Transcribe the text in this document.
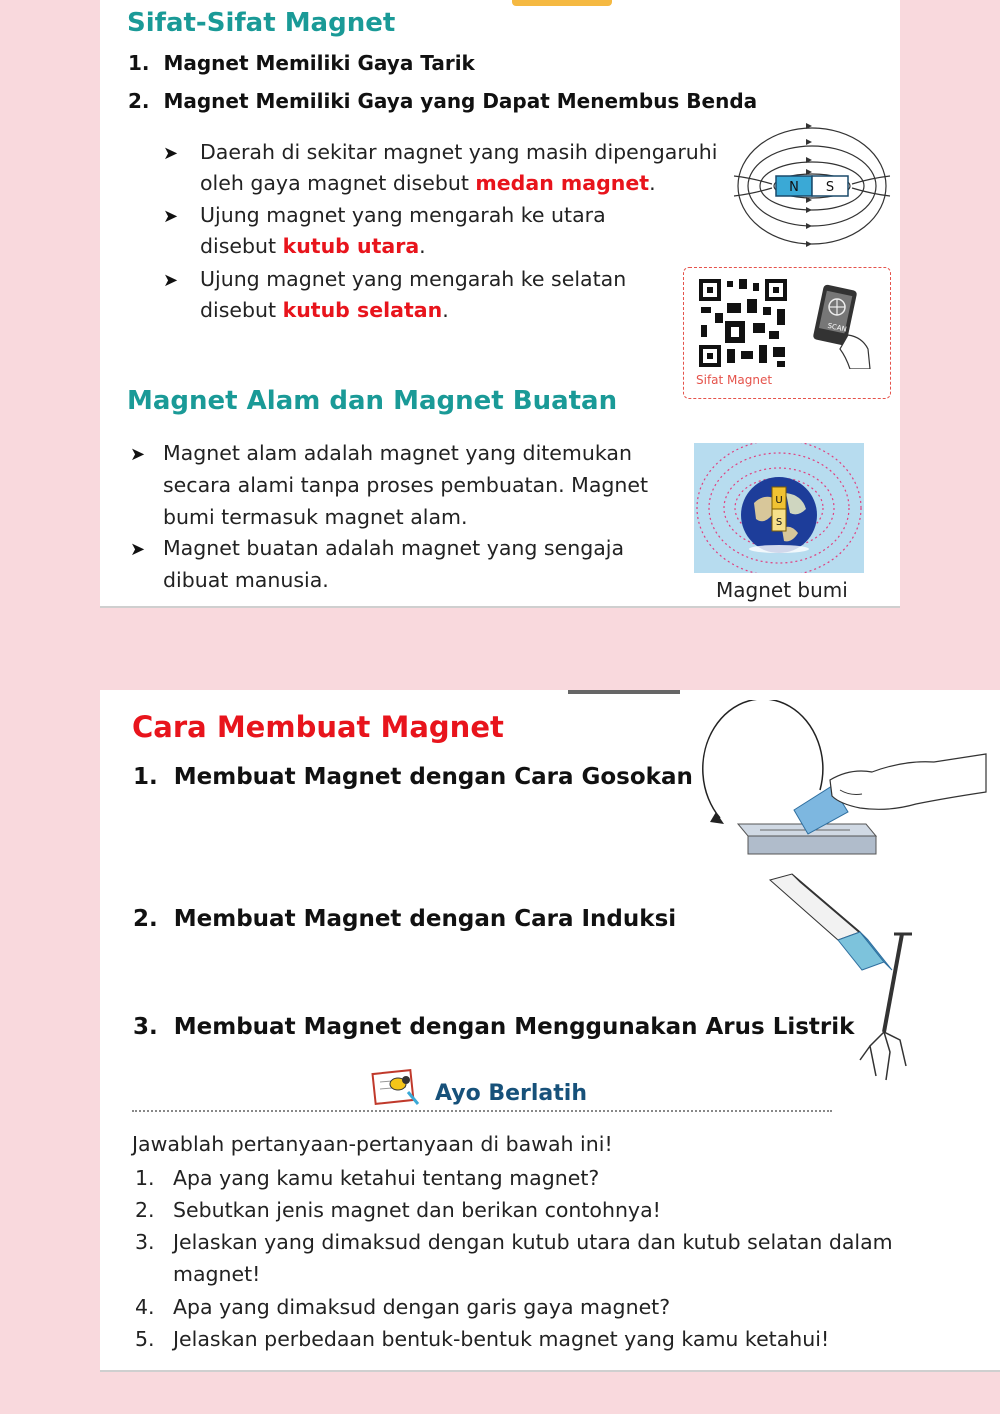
Sifat-Sifat Magnet
1. Magnet Memiliki Gaya Tarik
2. Magnet Memiliki Gaya yang Dapat Menembus Benda
➤ Daerah di sekitar magnet yang masih dipengaruhi
oleh gaya magnet disebut medan magnet.
➤ Ujung magnet yang mengarah ke utara
disebut kutub utara.
➤ Ujung magnet yang mengarah ke selatan
disebut kutub selatan.
N S
SCAN
Sifat Magnet
Magnet Alam dan Magnet Buatan
➤ Magnet alam adalah magnet yang ditemukan
secara alami tanpa proses pembuatan. Magnet
bumi termasuk magnet alam.
➤ Magnet buatan adalah magnet yang sengaja
dibuat manusia.
U
S
Magnet bumi
Cara Membuat Magnet
1. Membuat Magnet dengan Cara Gosokan
2. Membuat Magnet dengan Cara Induksi
3. Membuat Magnet dengan Menggunakan Arus Listrik
Ayo Berlatih
Jawablah pertanyaan-pertanyaan di bawah ini!
1. Apa yang kamu ketahui tentang magnet?
2. Sebutkan jenis magnet dan berikan contohnya!
3. Jelaskan yang dimaksud dengan kutub utara dan kutub selatan dalam
magnet!
4. Apa yang dimaksud dengan garis gaya magnet?
5. Jelaskan perbedaan bentuk-bentuk magnet yang kamu ketahui!
